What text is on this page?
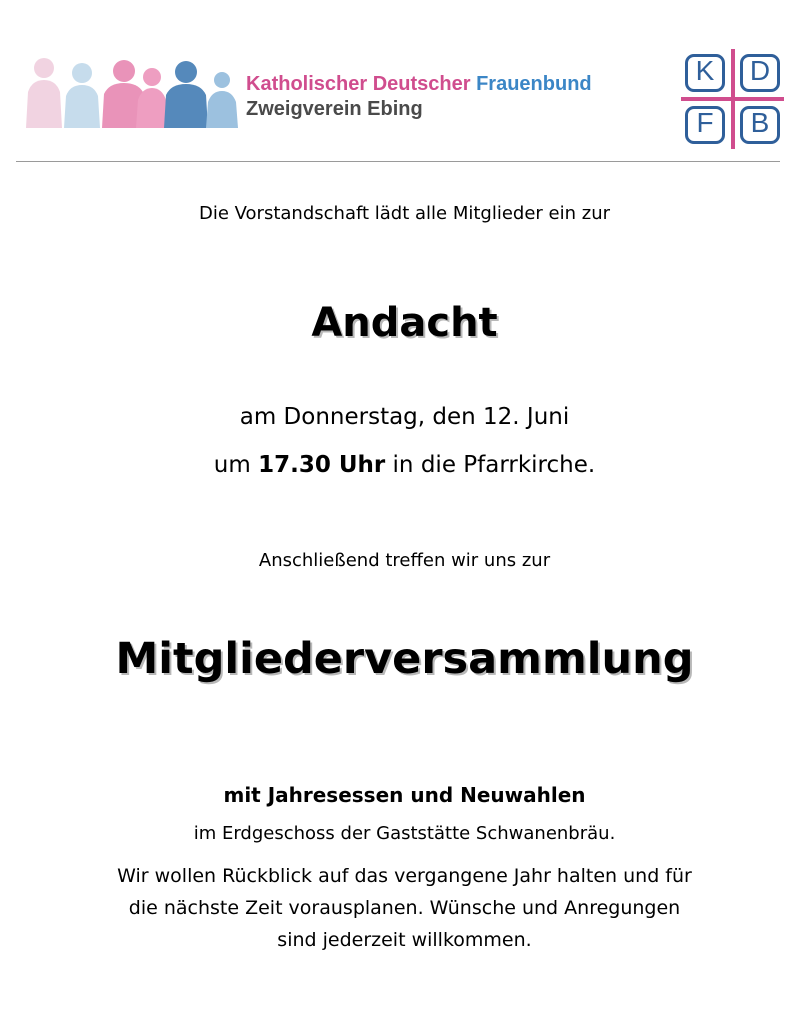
Katholischer Deutscher Frauenbund
Zweigverein Ebing
K	D
F	B
Die Vorstandschaft lädt alle Mitglieder ein zur
Andacht
am Donnerstag, den 12. Juni
um 17.30 Uhr in die Pfarrkirche.
Anschließend treffen wir uns zur
Mitgliederversammlung
mit Jahresessen und Neuwahlen
im Erdgeschoss der Gaststätte Schwanenbräu.
Wir wollen Rückblick auf das vergangene Jahr halten und für
die nächste Zeit vorausplanen. Wünsche und Anregungen
sind jederzeit willkommen.
